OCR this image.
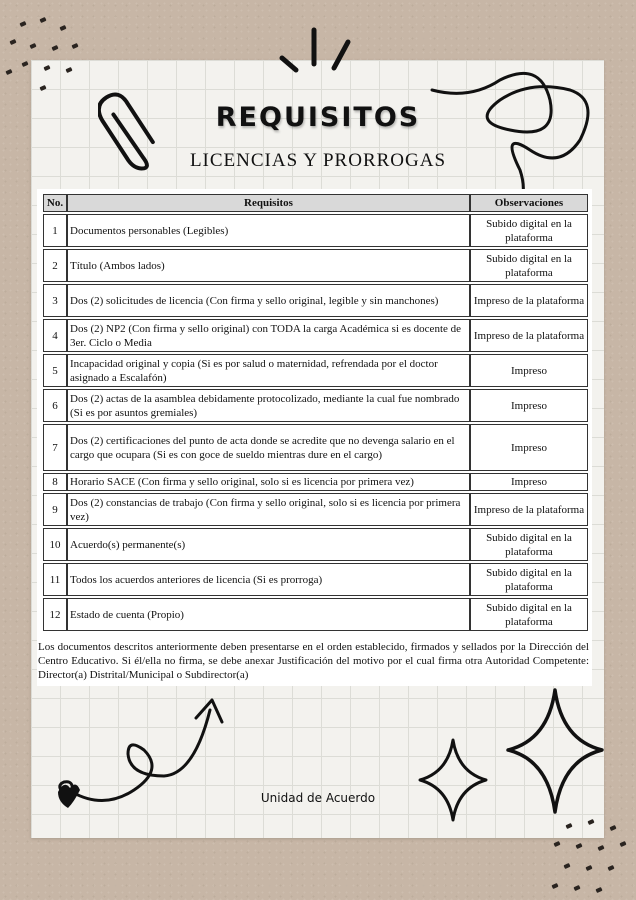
REQUISITOS
LICENCIAS Y PRORROGAS
No.	Requisitos	Observaciones
1	Documentos personables (Legibles)	Subido digital en la plataforma
2	Título (Ambos lados)	Subido digital en la plataforma
3	Dos (2) solicitudes de licencia (Con firma y sello original, legible y sin manchones)	Impreso de la plataforma
4	Dos (2) NP2 (Con firma y sello original) con TODA la carga Académica si es docente de 3er. Ciclo o Media	Impreso de la plataforma
5	Incapacidad original y copia (Si es por salud o maternidad, refrendada por el doctor asignado a Escalafón)	Impreso
6	Dos (2) actas de la asamblea debidamente protocolizado, mediante la cual fue nombrado (Si es por asuntos gremiales)	Impreso
7	Dos (2) certificaciones del punto de acta donde se acredite que no devenga salario en el cargo que ocupara (Si es con goce de sueldo mientras dure en el cargo)	Impreso
8	Horario SACE (Con firma y sello original, solo si es licencia por primera vez)	Impreso
9	Dos (2) constancias de trabajo (Con firma y sello original, solo si es licencia por primera vez)	Impreso de la plataforma
10	Acuerdo(s) permanente(s)	Subido digital en la plataforma
11	Todos los acuerdos anteriores de licencia (Si es prorroga)	Subido digital en la plataforma
12	Estado de cuenta (Propio)	Subido digital en la plataforma
Los documentos descritos anteriormente deben presentarse en el orden establecido, firmados y sellados por la Dirección del Centro Educativo. Si él/ella no firma, se debe anexar Justificación del motivo por el cual firma otra Autoridad Competente: Director(a) Distrital/Municipal o Subdirector(a)
Unidad de Acuerdo
